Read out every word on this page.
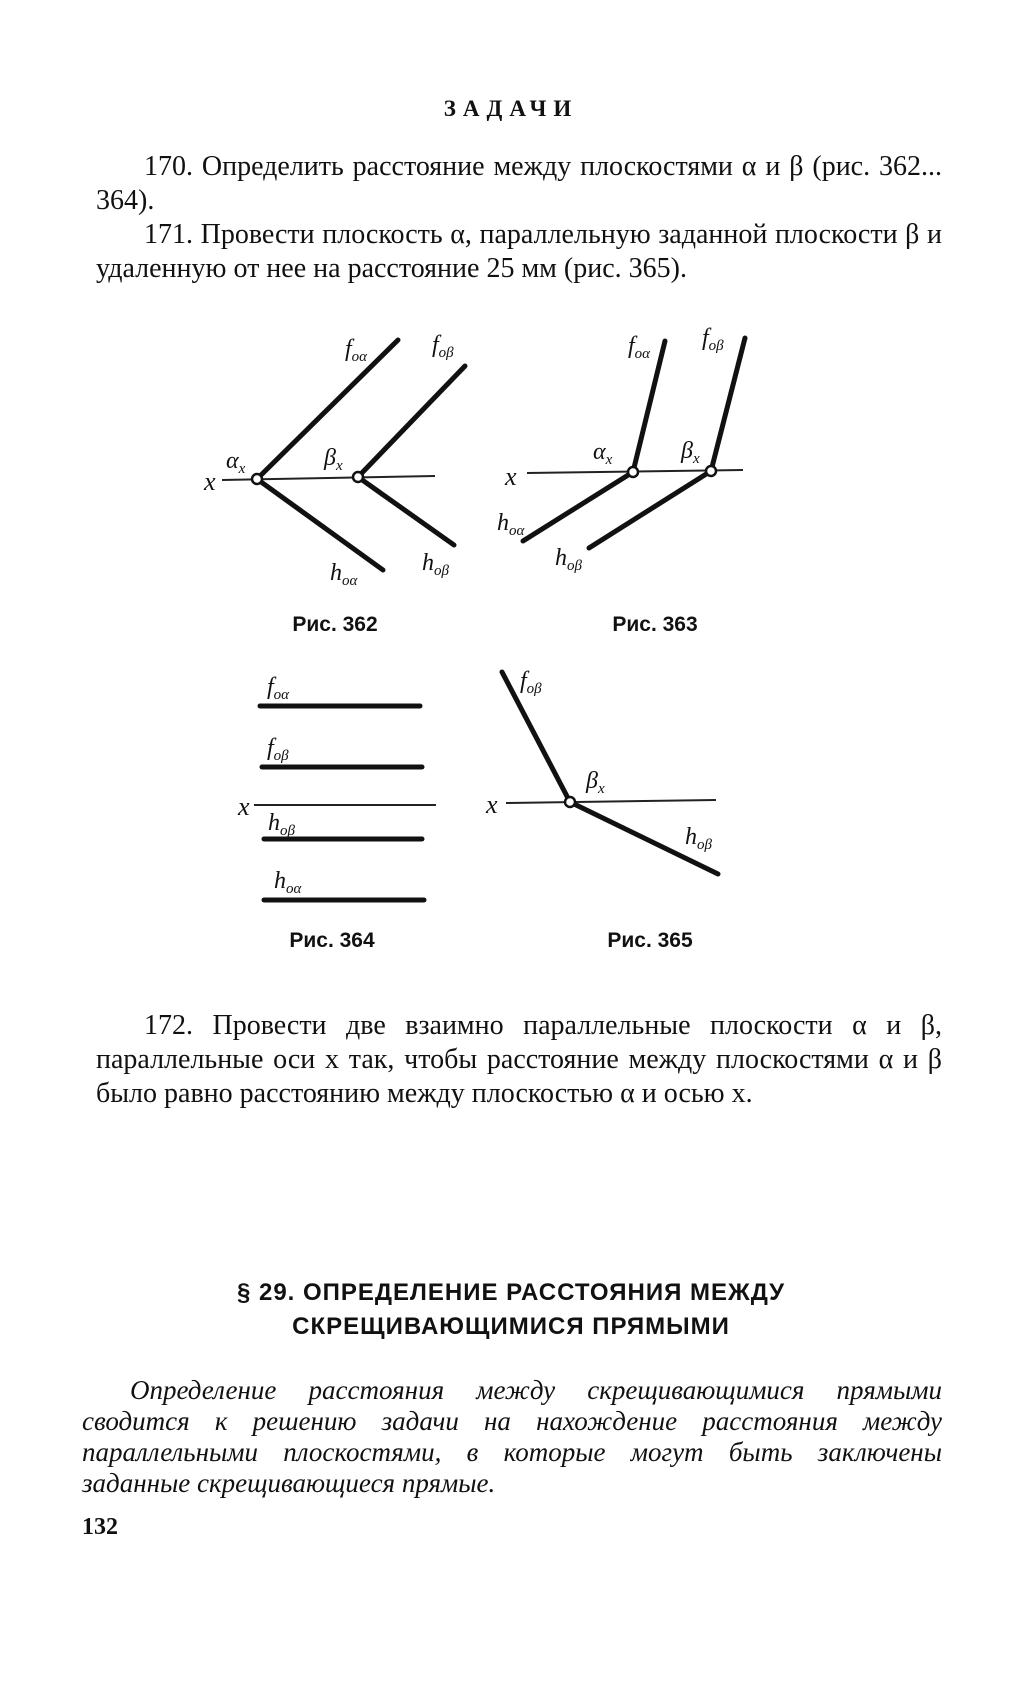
ЗАДАЧИ

170. Определить расстояние между плоскостями α и β (рис. 362... 364).

171. Провести плоскость α, параллельную заданной плоскости β и удаленную от нее на расстояние 25 мм (рис. 365).

x
$\alpha_x$	$\beta_x$
$f_{o\alpha}$	$f_{o\beta}$
$h_{o\alpha}$
$h_{o\beta}$
Рис. 362
x
$\alpha_x$	$\beta_x$
$f_{o\alpha}$
$f_{o\beta}$
$h_{o\alpha}$
$h_{o\beta}$
Рис. 363
$f_{o\alpha}$
$f_{o\beta}$
x
$h_{o\beta}$
$h_{o\alpha}$
Рис. 364
x
$f_{o\beta}$
$\beta_x$
$h_{o\beta}$
Рис. 365

172. Провести две взаимно параллельные плоскости α и β, параллельные оси x так, чтобы расстояние между плоскостями α и β было равно расстоянию между плоскостью α и осью x.

§ 29. ОПРЕДЕЛЕНИЕ РАССТОЯНИЯ МЕЖДУ
СКРЕЩИВАЮЩИМИСЯ ПРЯМЫМИ

Определение расстояния между скрещивающимися прямыми сводится к решению задачи на нахождение расстояния между параллельными плоскостями, в которые могут быть заключены заданные скрещивающиеся прямые.

132
